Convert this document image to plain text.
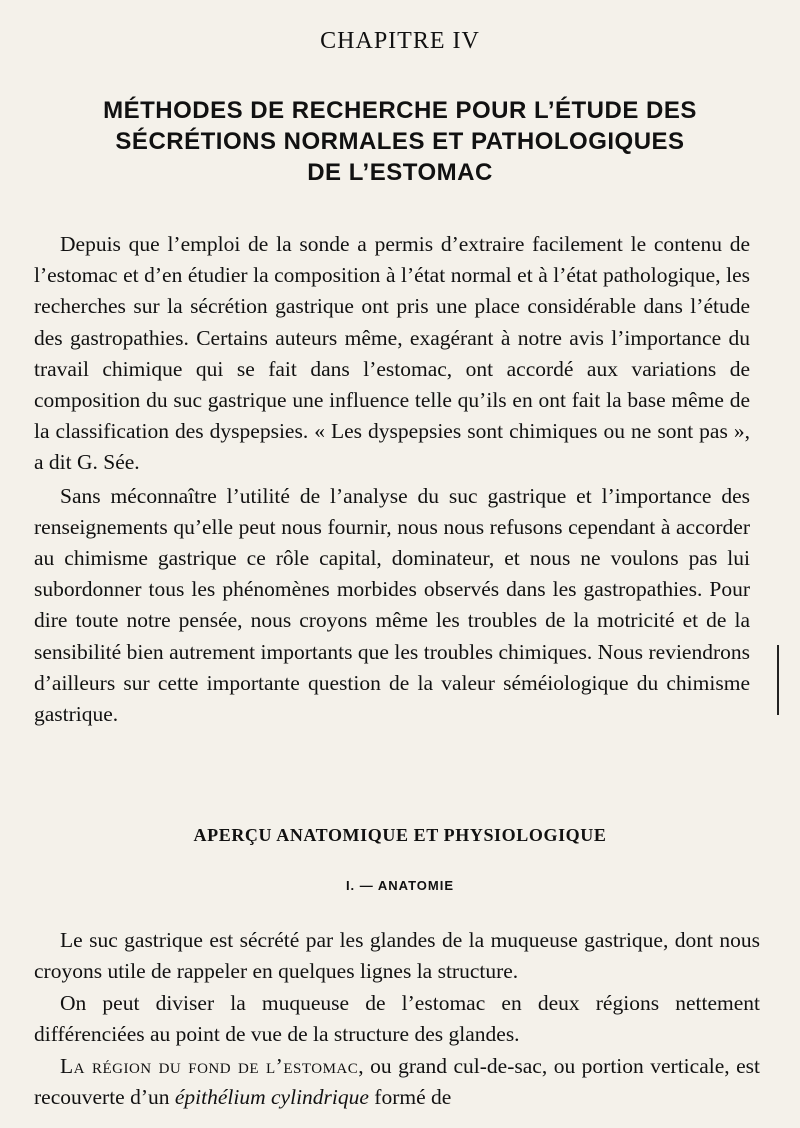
CHAPITRE IV
MÉTHODES DE RECHERCHE POUR L’ÉTUDE DES
SÉCRÉTIONS NORMALES ET PATHOLOGIQUES
DE L’ESTOMAC

Depuis que l’emploi de la sonde a permis d’extraire facilement le contenu de l’estomac et d’en étudier la composition à l’état normal et à l’état pathologique, les recherches sur la sécrétion gastrique ont pris une place considérable dans l’étude des gastropathies. Certains auteurs même, exagérant à notre avis l’importance du travail chimique qui se fait dans l’estomac, ont accordé aux variations de composition du suc gastrique une influence telle qu’ils en ont fait la base même de la classification des dyspepsies. « Les dyspepsies sont chimiques ou ne sont pas », a dit G. Sée.

Sans méconnaître l’utilité de l’analyse du suc gastrique et l’importance des renseignements qu’elle peut nous fournir, nous nous refusons cependant à accorder au chimisme gastrique ce rôle capital, dominateur, et nous ne voulons pas lui subordonner tous les phénomènes morbides observés dans les gastropathies. Pour dire toute notre pensée, nous croyons même les troubles de la motricité et de la sensibilité bien autrement importants que les troubles chimiques. Nous reviendrons d’ailleurs sur cette importante question de la valeur séméiologique du chimisme gastrique.

APERÇU ANATOMIQUE ET PHYSIOLOGIQUE
I. — ANATOMIE

Le suc gastrique est sécrété par les glandes de la muqueuse gastrique, dont nous croyons utile de rappeler en quelques lignes la structure.

On peut diviser la muqueuse de l’estomac en deux régions nettement différenciées au point de vue de la structure des glandes.

La région du fond de l’estomac, ou grand cul-de-sac, ou portion verticale, est recouverte d’un épithélium cylindrique formé de
